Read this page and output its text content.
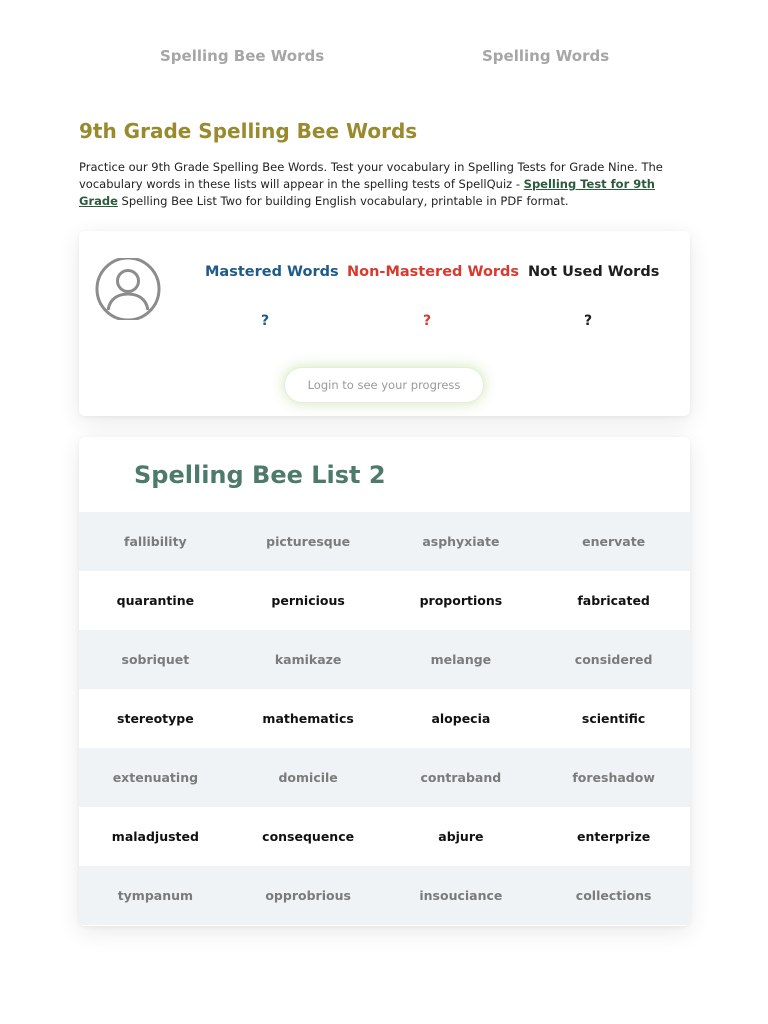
Spelling Bee Words	Spelling Words
9th Grade Spelling Bee Words

Practice our 9th Grade Spelling Bee Words. Test your vocabulary in Spelling Tests for Grade Nine. The vocabulary words in these lists will appear in the spelling tests of SpellQuiz - Spelling Test for 9th Grade Spelling Bee List Two for building English vocabulary, printable in PDF format.

Mastered Words
?
Non-Mastered Words
?
Not Used Words
?
Login to see your progress
Spelling Bee List 2
fallibility	picturesque	asphyxiate	enervate
quarantine	pernicious	proportions	fabricated
sobriquet	kamikaze	melange	considered
stereotype	mathematics	alopecia	scientific
extenuating	domicile	contraband	foreshadow
maladjusted	consequence	abjure	enterprize
tympanum	opprobrious	insouciance	collections
